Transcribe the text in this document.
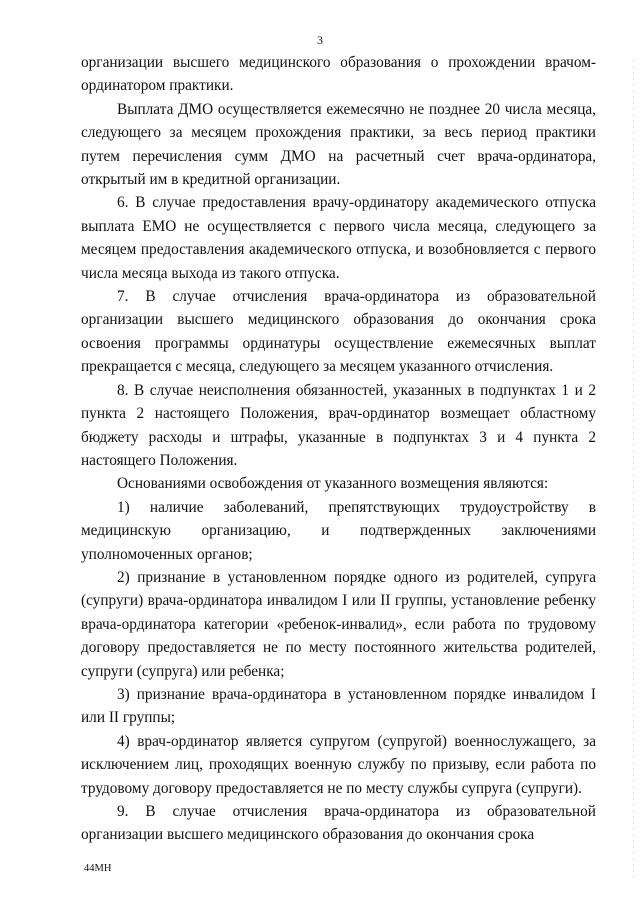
3

организации высшего медицинского образования о прохождении врачом-ординатором практики.

Выплата ДМО осуществляется ежемесячно не позднее 20 числа месяца, следующего за месяцем прохождения практики, за весь период практики путем перечисления сумм ДМО на расчетный счет врача-ординатора, открытый им в кредитной организации.

6. В случае предоставления врачу-ординатору академического отпуска выплата ЕМО не осуществляется с первого числа месяца, следующего за месяцем предоставления академического отпуска, и возобновляется с первого числа месяца выхода из такого отпуска.

7. В случае отчисления врача-ординатора из образовательной организации высшего медицинского образования до окончания срока освоения программы ординатуры осуществление ежемесячных выплат прекращается с месяца, следующего за месяцем указанного отчисления.

8. В случае неисполнения обязанностей, указанных в подпунктах 1 и 2 пункта 2 настоящего Положения, врач-ординатор возмещает областному бюджету расходы и штрафы, указанные в подпунктах 3 и 4 пункта 2 настоящего Положения.

Основаниями освобождения от указанного возмещения являются:

1) наличие заболеваний, препятствующих трудоустройству в медицинскую организацию, и подтвержденных заключениями уполномоченных органов;

2) признание в установленном порядке одного из родителей, супруга (супруги) врача-ординатора инвалидом I или II группы, установление ребенку врача-ординатора категории «ребенок-инвалид», если работа по трудовому договору предоставляется не по месту постоянного жительства родителей, супруги (супруга) или ребенка;

3) признание врача-ординатора в установленном порядке инвалидом I или II группы;

4) врач-ординатор является супругом (супругой) военнослужащего, за исключением лиц, проходящих военную службу по призыву, если работа по трудовому договору предоставляется не по месту службы супруга (супруги).

9. В случае отчисления врача-ординатора из образовательной организации высшего медицинского образования до окончания срока

44МН
